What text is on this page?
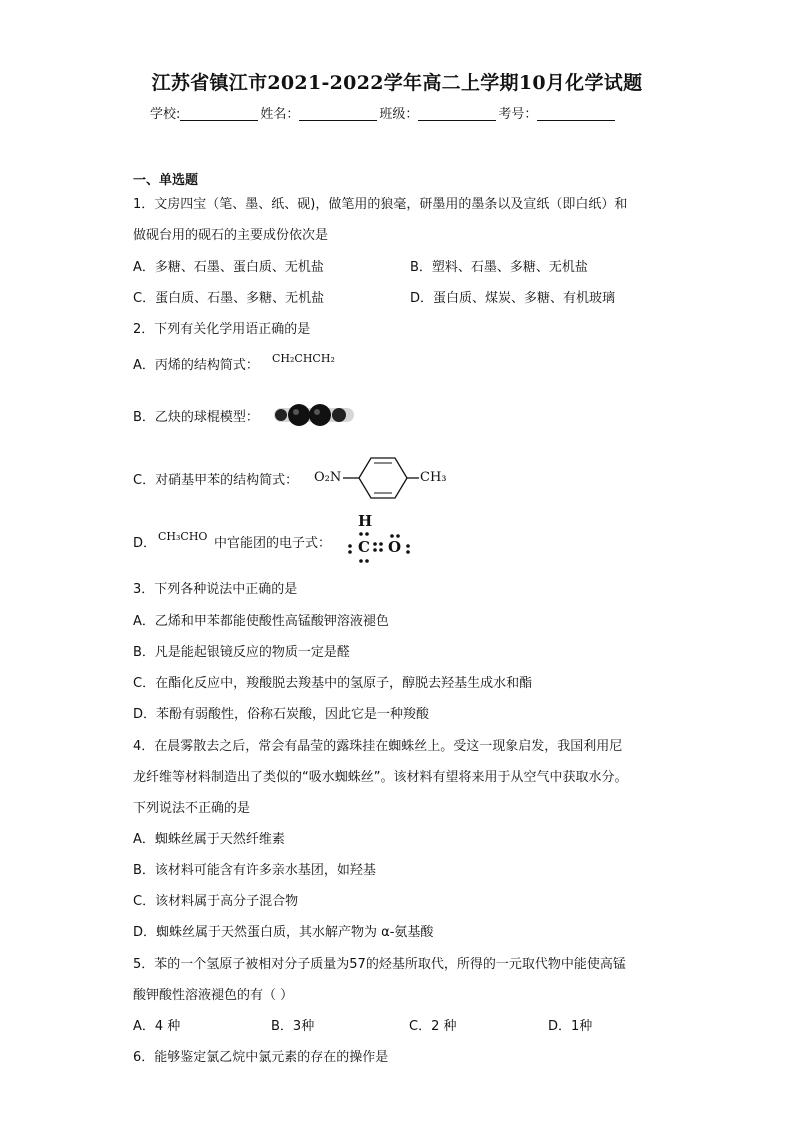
江苏省镇江市2021-2022学年高二上学期10月化学试题
学校:	姓名：	班级：	考号：
一、单选题
1．文房四宝（笔、墨、纸、砚)，做笔用的狼毫，研墨用的墨条以及宣纸（即白纸）和
做砚台用的砚石的主要成份依次是
A．多糖、石墨、蛋白质、无机盐	B．塑料、石墨、多糖、无机盐
C．蛋白质、石墨、多糖、无机盐	D．蛋白质、煤炭、多糖、有机玻璃
2．下列有关化学用语正确的是
A．丙烯的结构简式： CH₂CHCH₂
B．乙炔的球棍模型：
C．对硝基甲苯的结构简式： O₂N	CH₃
D． CH₃CHO 中官能团的电子式：
H
C O
3．下列各种说法中正确的是
A．乙烯和甲苯都能使酸性高锰酸钾溶液褪色
B．凡是能起银镜反应的物质一定是醛
C．在酯化反应中，羧酸脱去羧基中的氢原子，醇脱去羟基生成水和酯
D．苯酚有弱酸性，俗称石炭酸，因此它是一种羧酸
4．在晨雾散去之后，常会有晶莹的露珠挂在蜘蛛丝上。受这一现象启发，我国利用尼
龙纤维等材料制造出了类似的“吸水蜘蛛丝”。该材料有望将来用于从空气中获取水分。
下列说法不正确的是
A．蜘蛛丝属于天然纤维素
B．该材料可能含有许多亲水基团，如羟基
C．该材料属于高分子混合物
D．蜘蛛丝属于天然蛋白质，其水解产物为 α-氨基酸
5．苯的一个氢原子被相对分子质量为57的烃基所取代，所得的一元取代物中能使高锰
酸钾酸性溶液褪色的有（ ）
A．4 种	B．3种	C．2 种	D．1种
6．能够鉴定氯乙烷中氯元素的存在的操作是
